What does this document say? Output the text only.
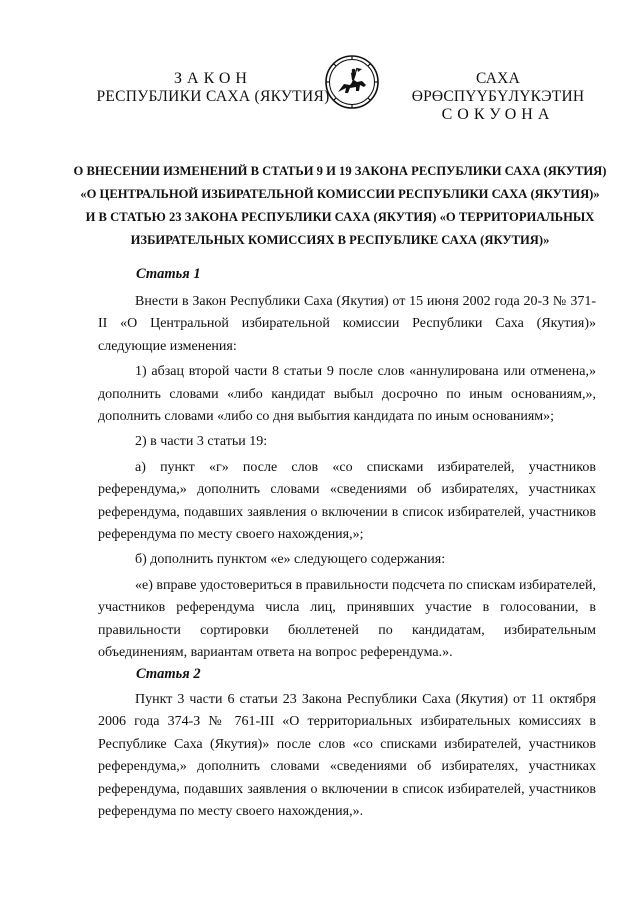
ЗАКОН
РЕСПУБЛИКИ САХА (ЯКУТИЯ)
САХА ӨРӨСПҮҮБҮЛҮКЭТИН
СОКУОНА
О ВНЕСЕНИИ ИЗМЕНЕНИЙ В СТАТЬИ 9 И 19 ЗАКОНА РЕСПУБЛИКИ САХА (ЯКУТИЯ)
«О ЦЕНТРАЛЬНОЙ ИЗБИРАТЕЛЬНОЙ КОМИССИИ РЕСПУБЛИКИ САХА (ЯКУТИЯ)»
И В СТАТЬЮ 23 ЗАКОНА РЕСПУБЛИКИ САХА (ЯКУТИЯ) «О ТЕРРИТОРИАЛЬНЫХ
ИЗБИРАТЕЛЬНЫХ КОМИССИЯХ В РЕСПУБЛИКЕ САХА (ЯКУТИЯ)»
Статья 1

Внести в Закон Республики Саха (Якутия) от 15 июня 2002 года 20-З № 371-II «О Центральной избирательной комиссии Республики Саха (Якутия)» следующие изменения:

1) абзац второй части 8 статьи 9 после слов «аннулирована или отменена,» дополнить словами «либо кандидат выбыл досрочно по иным основаниям,», дополнить словами «либо со дня выбытия кандидата по иным основаниям»;

2) в части 3 статьи 19:

а) пункт «г» после слов «со списками избирателей, участников референдума,» дополнить словами «сведениями об избирателях, участниках референдума, подавших заявления о включении в список избирателей, участников референдума по месту своего нахождения,»;

б) дополнить пунктом «е» следующего содержания:

«е) вправе удостовериться в правильности подсчета по спискам избирателей, участников референдума числа лиц, принявших участие в голосовании, в правильности сортировки бюллетеней по кандидатам, избирательным объединениям, вариантам ответа на вопрос референдума.».

Статья 2

Пункт 3 части 6 статьи 23 Закона Республики Саха (Якутия) от 11 октября 2006 года 374-З № 761-III «О территориальных избирательных комиссиях в Республике Саха (Якутия)» после слов «со списками избирателей, участников референдума,» дополнить словами «сведениями об избирателях, участниках референдума, подавших заявления о включении в список избирателей, участников референдума по месту своего нахождения,».
